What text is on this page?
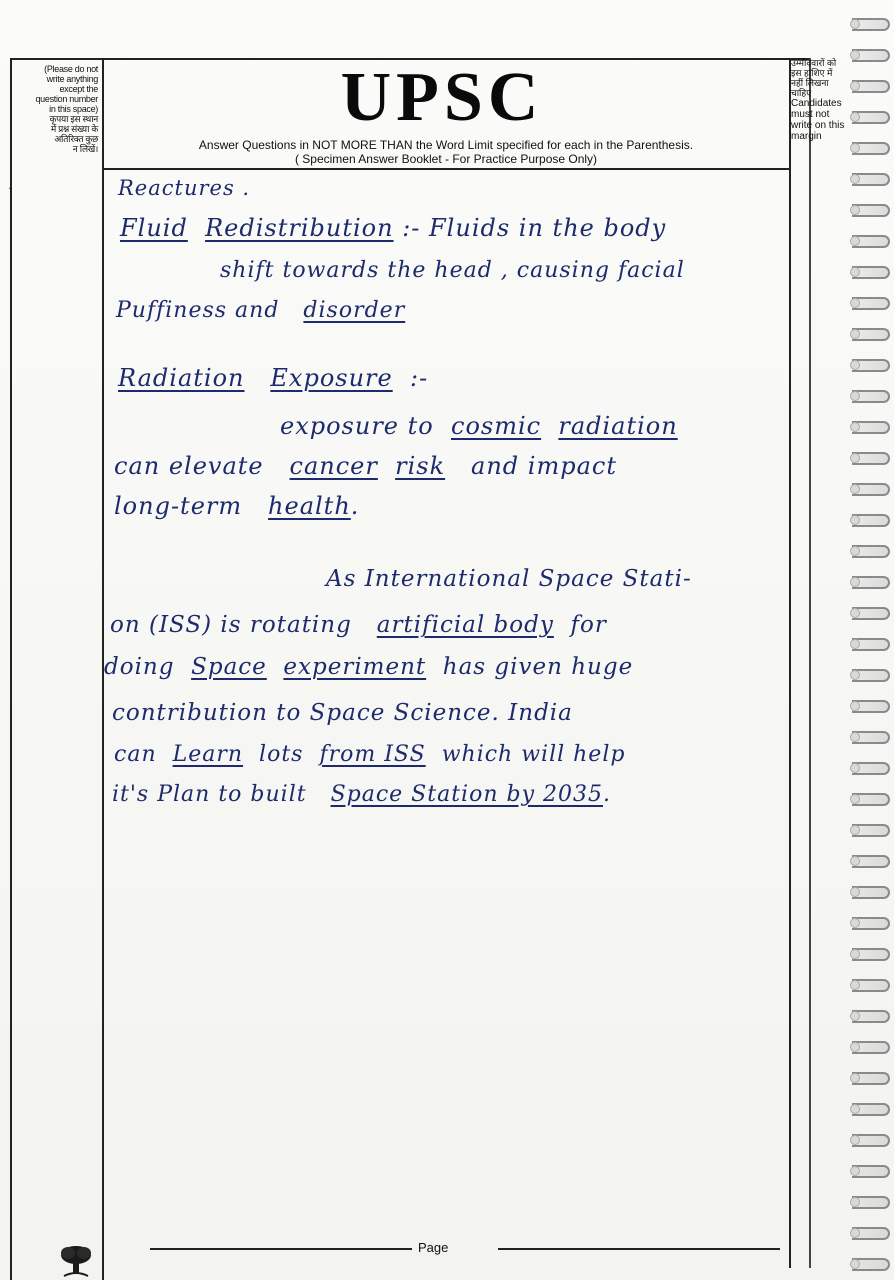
(Please do not
write anything
except the
question number
in this space)
कृपया इस स्थान
में प्रश्न संख्या के
अतिरिक्त कुछ
न लिखें।
उम्मीदवारों को
इस हाशिए में
नहीं लिखना
चाहिए
Candidates
must not
write on this
margin
UPSC
Answer Questions in NOT MORE THAN the Word Limit specified for each in the Parenthesis.
( Specimen Answer Booklet - For Practice Purpose Only)
·	Reactures .
Fluid Redistribution :- Fluids in the body
shift towards the head , causing facial
Puffiness and disorder
Radiation Exposure :-
exposure to cosmic radiation
can elevate cancer risk and impact
long-term health.
As International Space Stati-
on (ISS) is rotating artificial body for
doing Space experiment has given huge
contribution to Space Science. India
can Learn lots from ISS which will help
it's Plan to built Space Station by 2035.
Page
